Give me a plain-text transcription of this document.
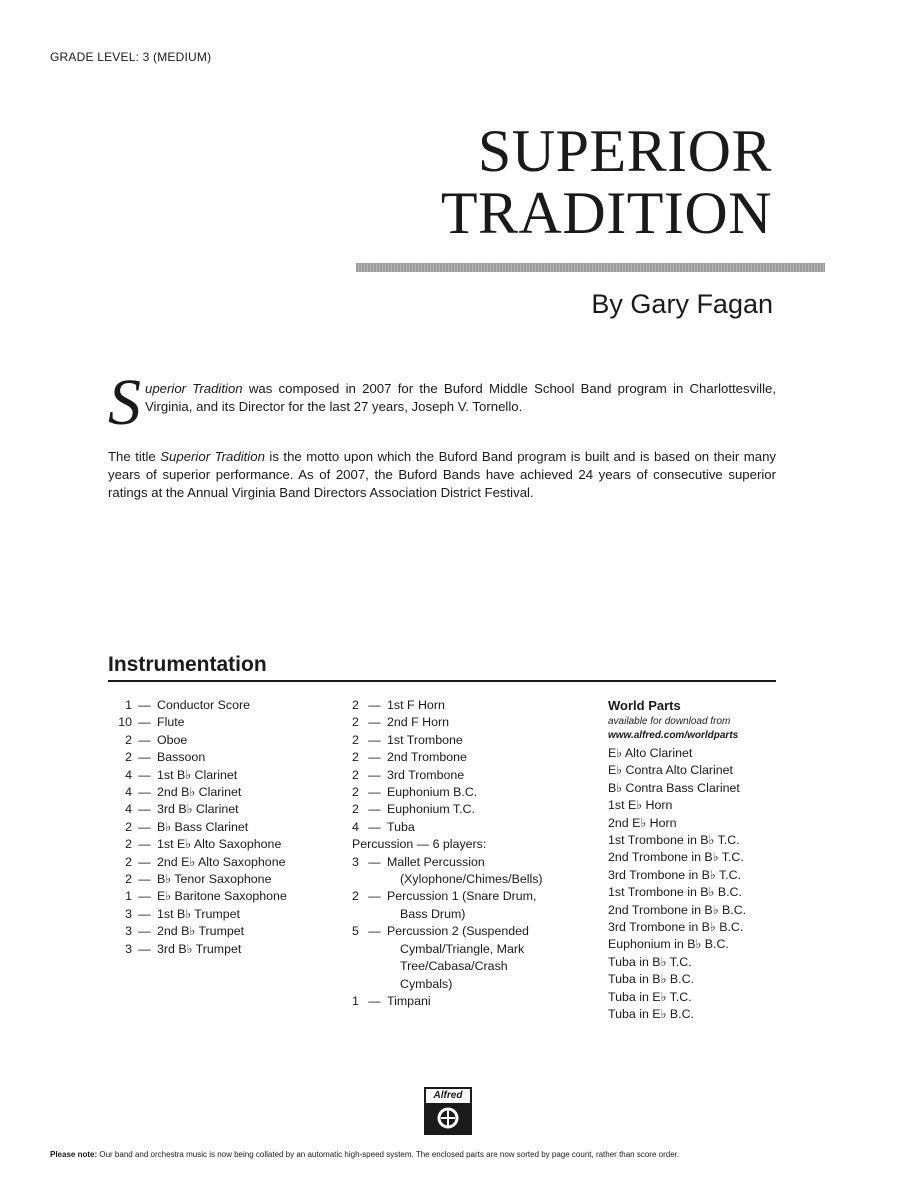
GRADE LEVEL: 3 (MEDIUM)
SUPERIOR
TRADITION
By Gary Fagan
S uperior Tradition was composed in 2007 for the Buford Middle School Band program in Charlottesville, Virginia, and its Director for the last 27 years, Joseph V. Tornello.
The title Superior Tradition is the motto upon which the Buford Band program is built and is based on their many years of superior performance. As of 2007, the Buford Bands have achieved 24 years of consecutive superior ratings at the Annual Virginia Band Directors Association District Festival.
Instrumentation
1 — Conductor Score
10 — Flute
2 — Oboe
2 — Bassoon
4 — 1st B♭ Clarinet
4 — 2nd B♭ Clarinet
4 — 3rd B♭ Clarinet
2 — B♭ Bass Clarinet
2 — 1st E♭ Alto Saxophone
2 — 2nd E♭ Alto Saxophone
2 — B♭ Tenor Saxophone
1 — E♭ Baritone Saxophone
3 — 1st B♭ Trumpet
3 — 2nd B♭ Trumpet
3 — 3rd B♭ Trumpet
2 — 1st F Horn
2 — 2nd F Horn
2 — 1st Trombone
2 — 2nd Trombone
2 — 3rd Trombone
2 — Euphonium B.C.
2 — Euphonium T.C.
4 — Tuba
Percussion — 6 players:
3 — Mallet Percussion
(Xylophone/Chimes/Bells)
2 — Percussion 1 (Snare Drum,
Bass Drum)
5 — Percussion 2 (Suspended
Cymbal/Triangle, Mark
Tree/Cabasa/Crash
Cymbals)
1 — Timpani
World Parts
available for download from
www.alfred.com/worldparts
E♭ Alto Clarinet
E♭ Contra Alto Clarinet
B♭ Contra Bass Clarinet
1st E♭ Horn
2nd E♭ Horn
1st Trombone in B♭ T.C.
2nd Trombone in B♭ T.C.
3rd Trombone in B♭ T.C.
1st Trombone in B♭ B.C.
2nd Trombone in B♭ B.C.
3rd Trombone in B♭ B.C.
Euphonium in B♭ B.C.
Tuba in B♭ T.C.
Tuba in B♭ B.C.
Tuba in E♭ T.C.
Tuba in E♭ B.C.
Alfred
Please note: Our band and orchestra music is now being collated by an automatic high-speed system. The enclosed parts are now sorted by page count, rather than score order.
